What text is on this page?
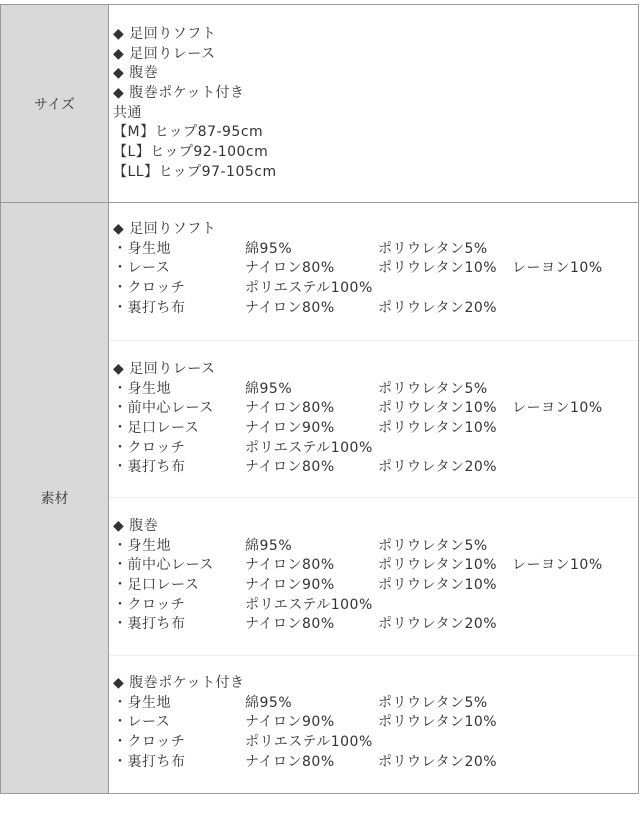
サイズ
◆ 足回りソフト
◆ 足回りレース
◆ 腹巻
◆ 腹巻ポケット付き
共通
【M】ヒップ87-95cm
【L】ヒップ92-100cm
【LL】ヒップ97-105cm
素材
◆ 足回りソフト
・身生地	綿95%	ポリウレタン5%
・レース	ナイロン80%	ポリウレタン10%	レーヨン10%
・クロッチ	ポリエステル100%
・裏打ち布	ナイロン80%	ポリウレタン20%
◆ 足回りレース
・身生地	綿95%	ポリウレタン5%
・前中心レース	ナイロン80%	ポリウレタン10%	レーヨン10%
・足口レース	ナイロン90%	ポリウレタン10%
・クロッチ	ポリエステル100%
・裏打ち布	ナイロン80%	ポリウレタン20%
◆ 腹巻
・身生地	綿95%	ポリウレタン5%
・前中心レース	ナイロン80%	ポリウレタン10%	レーヨン10%
・足口レース	ナイロン90%	ポリウレタン10%
・クロッチ	ポリエステル100%
・裏打ち布	ナイロン80%	ポリウレタン20%
◆ 腹巻ポケット付き
・身生地	綿95%	ポリウレタン5%
・レース	ナイロン90%	ポリウレタン10%
・クロッチ	ポリエステル100%
・裏打ち布	ナイロン80%	ポリウレタン20%
